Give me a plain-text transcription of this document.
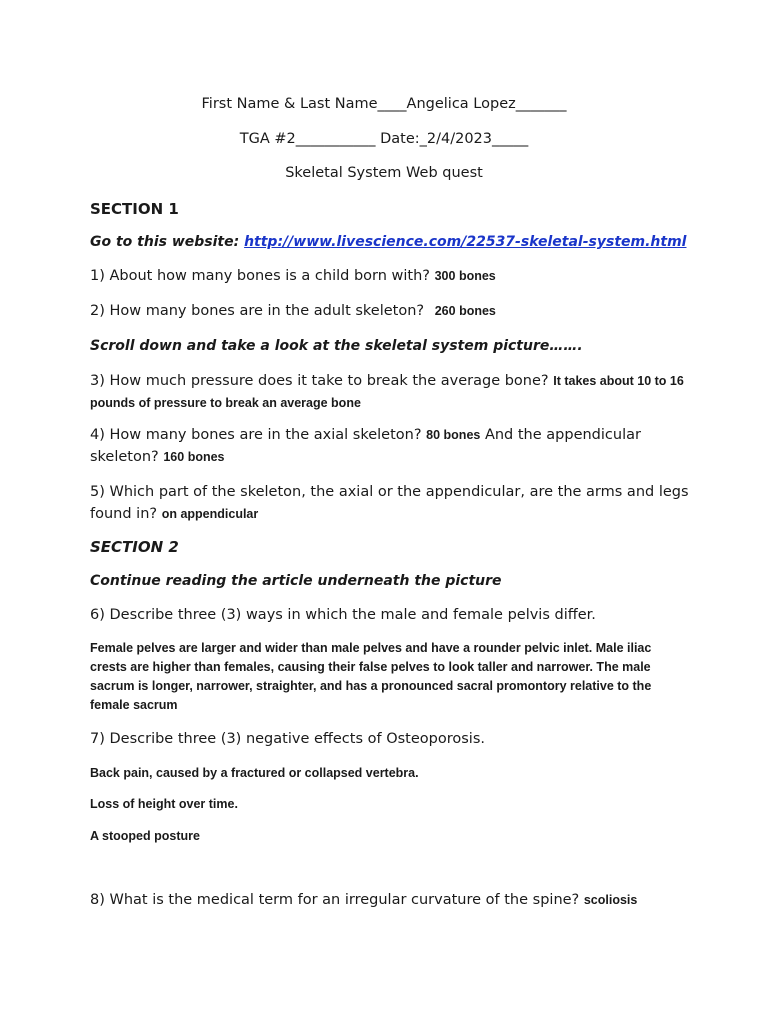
First Name & Last Name____Angelica Lopez_______
TGA #2___________ Date:_2/4/2023_____
Skeletal System Web quest
SECTION 1
Go to this website: http://www.livescience.com/22537-skeletal-system.html
1) About how many bones is a child born with? 300 bones
2) How many bones are in the adult skeleton? 260 bones
Scroll down and take a look at the skeletal system picture…….
3) How much pressure does it take to break the average bone? It takes about 10 to 16 pounds of pressure to break an average bone
4) How many bones are in the axial skeleton? 80 bones And the appendicular skeleton? 160 bones
5) Which part of the skeleton, the axial or the appendicular, are the arms and legs found in? on appendicular
SECTION 2
Continue reading the article underneath the picture
6) Describe three (3) ways in which the male and female pelvis differ.
Female pelves are larger and wider than male pelves and have a rounder pelvic inlet. Male iliac crests are higher than females, causing their false pelves to look taller and narrower. The male sacrum is longer, narrower, straighter, and has a pronounced sacral promontory relative to the female sacrum
7) Describe three (3) negative effects of Osteoporosis.
Back pain, caused by a fractured or collapsed vertebra.
Loss of height over time.
A stooped posture
8) What is the medical term for an irregular curvature of the spine? scoliosis
